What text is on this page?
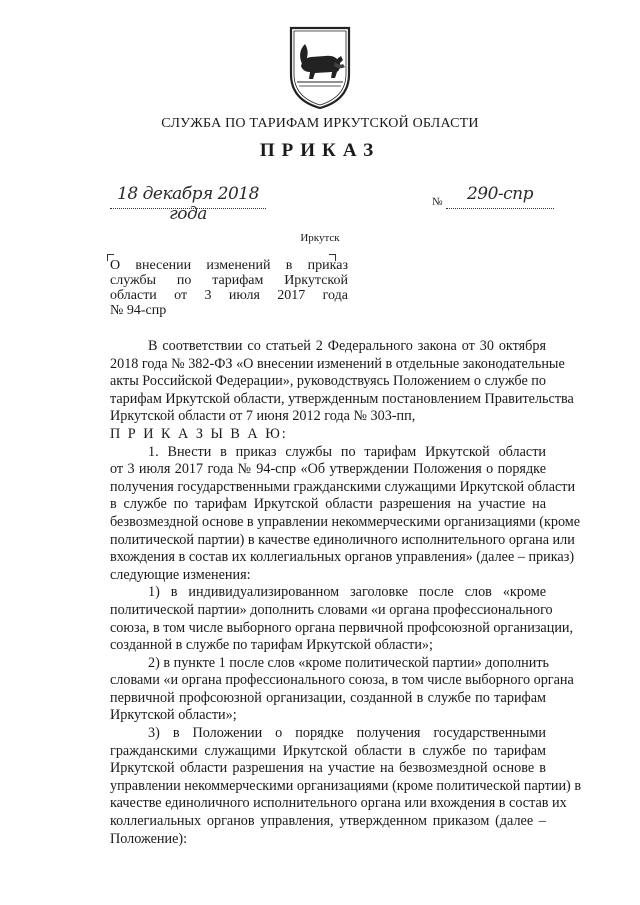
СЛУЖБА ПО ТАРИФАМ ИРКУТСКОЙ ОБЛАСТИ
ПРИКАЗ
18 декабря 2018 года
№	290-спр
Иркутск
О внесении изменений в приказ
службы по тарифам Иркутской
области от 3 июля 2017 года
№ 94-спр
В соответствии со статьей 2 Федерального закона от 30 октября
2018 года № 382-ФЗ «О внесении изменений в отдельные законодательные
акты Российской Федерации», руководствуясь Положением о службе по
тарифам Иркутской области, утвержденным постановлением Правительства
Иркутской области от 7 июня 2012 года № 303-пп,
П Р И К А З Ы В А Ю:
1. Внести в приказ службы по тарифам Иркутской области
от 3 июля 2017 года № 94-спр «Об утверждении Положения о порядке
получения государственными гражданскими служащими Иркутской области
в службе по тарифам Иркутской области разрешения на участие на
безвозмездной основе в управлении некоммерческими организациями (кроме
политической партии) в качестве единоличного исполнительного органа или
вхождения в состав их коллегиальных органов управления» (далее – приказ)
следующие изменения:
1) в индивидуализированном заголовке после слов «кроме
политической партии» дополнить словами «и органа профессионального
союза, в том числе выборного органа первичной профсоюзной организации,
созданной в службе по тарифам Иркутской области»;
2) в пункте 1 после слов «кроме политической партии» дополнить
словами «и органа профессионального союза, в том числе выборного органа
первичной профсоюзной организации, созданной в службе по тарифам
Иркутской области»;
3) в Положении о порядке получения государственными
гражданскими служащими Иркутской области в службе по тарифам
Иркутской области разрешения на участие на безвозмездной основе в
управлении некоммерческими организациями (кроме политической партии) в
качестве единоличного исполнительного органа или вхождения в состав их
коллегиальных органов управления, утвержденном приказом (далее –
Положение):
